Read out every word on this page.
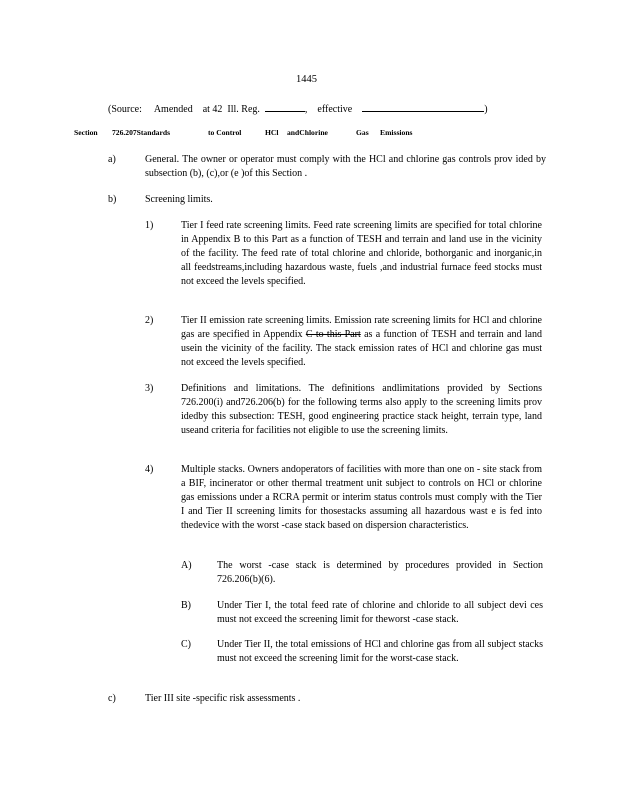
1445
(Source:     Amended    at 42  Ill. Reg.	,    effective	)
Section 726.207Standards	to Control	HCl andChlorine	Gas Emissions
a)	General. The owner or operator must comply with the HCl and chlorine gas controls prov ided by subsection (b), (c),or (e )of this Section .
b)	Screening limits.
1)	Tier I feed rate screening limits. Feed rate screening limits are specified for total chlorine in Appendix B to this Part as a function of TESH and terrain and land use in the vicinity of the facility. The feed rate of total chlorine and chloride, bothorganic and inorganic,in all feedstreams,including hazardous waste, fuels ,and industrial furnace feed stocks must not exceed the levels specified.
2)	Tier II emission rate screening limits. Emission rate screening limits for HCl and chlorine gas are specified in Appendix C to this Part as a function of TESH and terrain and land usein the vicinity of the facility. The stack emission rates of HCl and chlorine gas must not exceed the levels specified.
3)	Definitions and limitations. The definitions andlimitations provided by Sections 726.200(i) and726.206(b) for the following terms also apply to the screening limits prov idedby this subsection: TESH, good engineering practice stack height, terrain type, land useand criteria for facilities not eligible to use the screening limits.
4)	Multiple stacks. Owners andoperators of facilities with more than one on - site stack from a BIF, incinerator or other thermal treatment unit subject to controls on HCl or chlorine gas emissions under a RCRA permit or interim status controls must comply with the Tier I and Tier II screening limits for thosestacks assuming all hazardous wast e is fed into thedevice with the worst -case stack based on dispersion characteristics.
A)	The worst -case stack is determined by procedures provided in Section 726.206(b)(6).
B)	Under Tier I, the total feed rate of chlorine and chloride to all subject devi ces must not exceed the screening limit for theworst -case stack.
C)	Under Tier II, the total emissions of HCl and chlorine gas from all subject stacks must not exceed the screening limit for the worst-case stack.
c)	Tier III site -specific risk assessments .
